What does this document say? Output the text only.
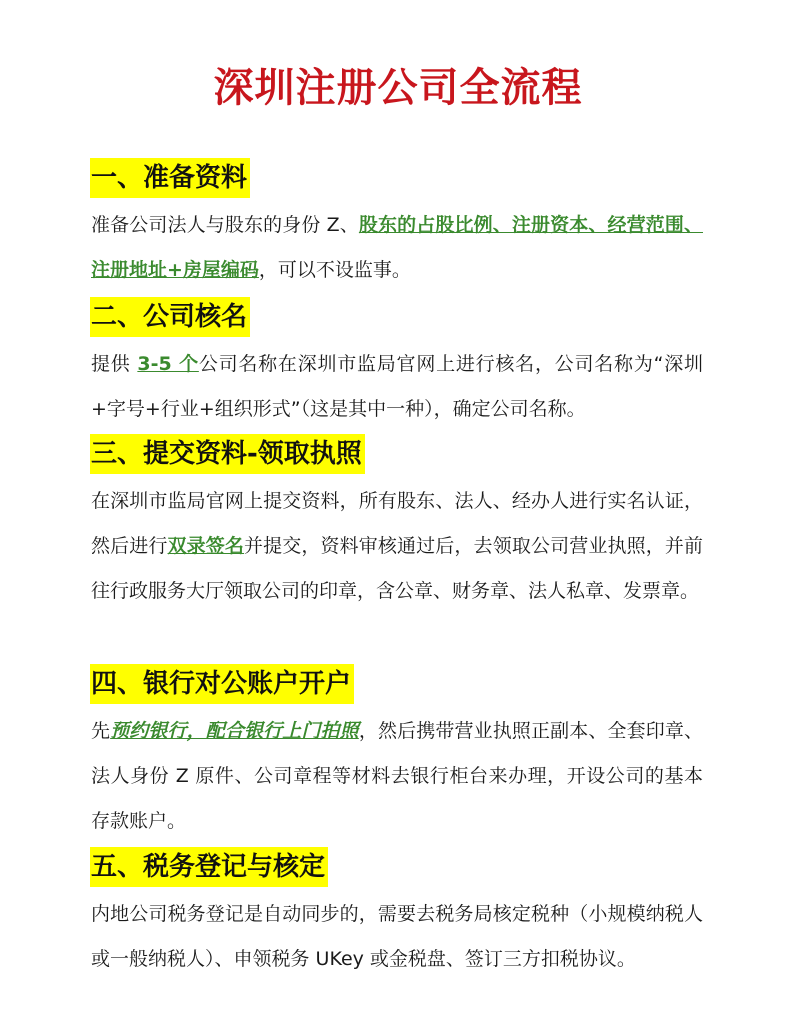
深圳注册公司全流程
一、准备资料

准备公司法人与股东的身份 Z、股东的占股比例、注册资本、经营范围、注册地址+房屋编码，可以不设监事。

二、公司核名

提供 3-5 个公司名称在深圳市监局官网上进行核名，公司名称为“深圳+字号+行业+组织形式”（这是其中一种），确定公司名称。

三、提交资料-领取执照

在深圳市监局官网上提交资料，所有股东、法人、经办人进行实名认证，然后进行双录签名并提交，资料审核通过后，去领取公司营业执照，并前往行政服务大厅领取公司的印章，含公章、财务章、法人私章、发票章。

四、银行对公账户开户

先预约银行，配合银行上门拍照，然后携带营业执照正副本、全套印章、法人身份 Z 原件、公司章程等材料去银行柜台来办理，开设公司的基本存款账户。

五、税务登记与核定

内地公司税务登记是自动同步的，需要去税务局核定税种（小规模纳税人或一般纳税人）、申领税务 UKey 或金税盘、签订三方扣税协议。
